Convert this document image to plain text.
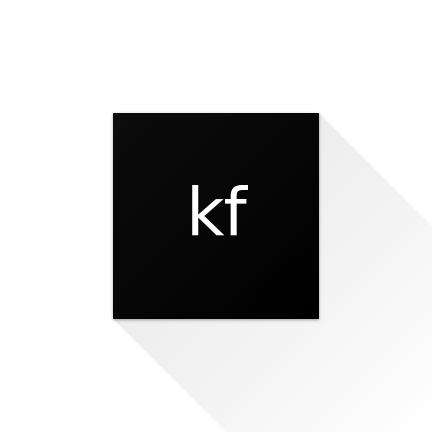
kf
